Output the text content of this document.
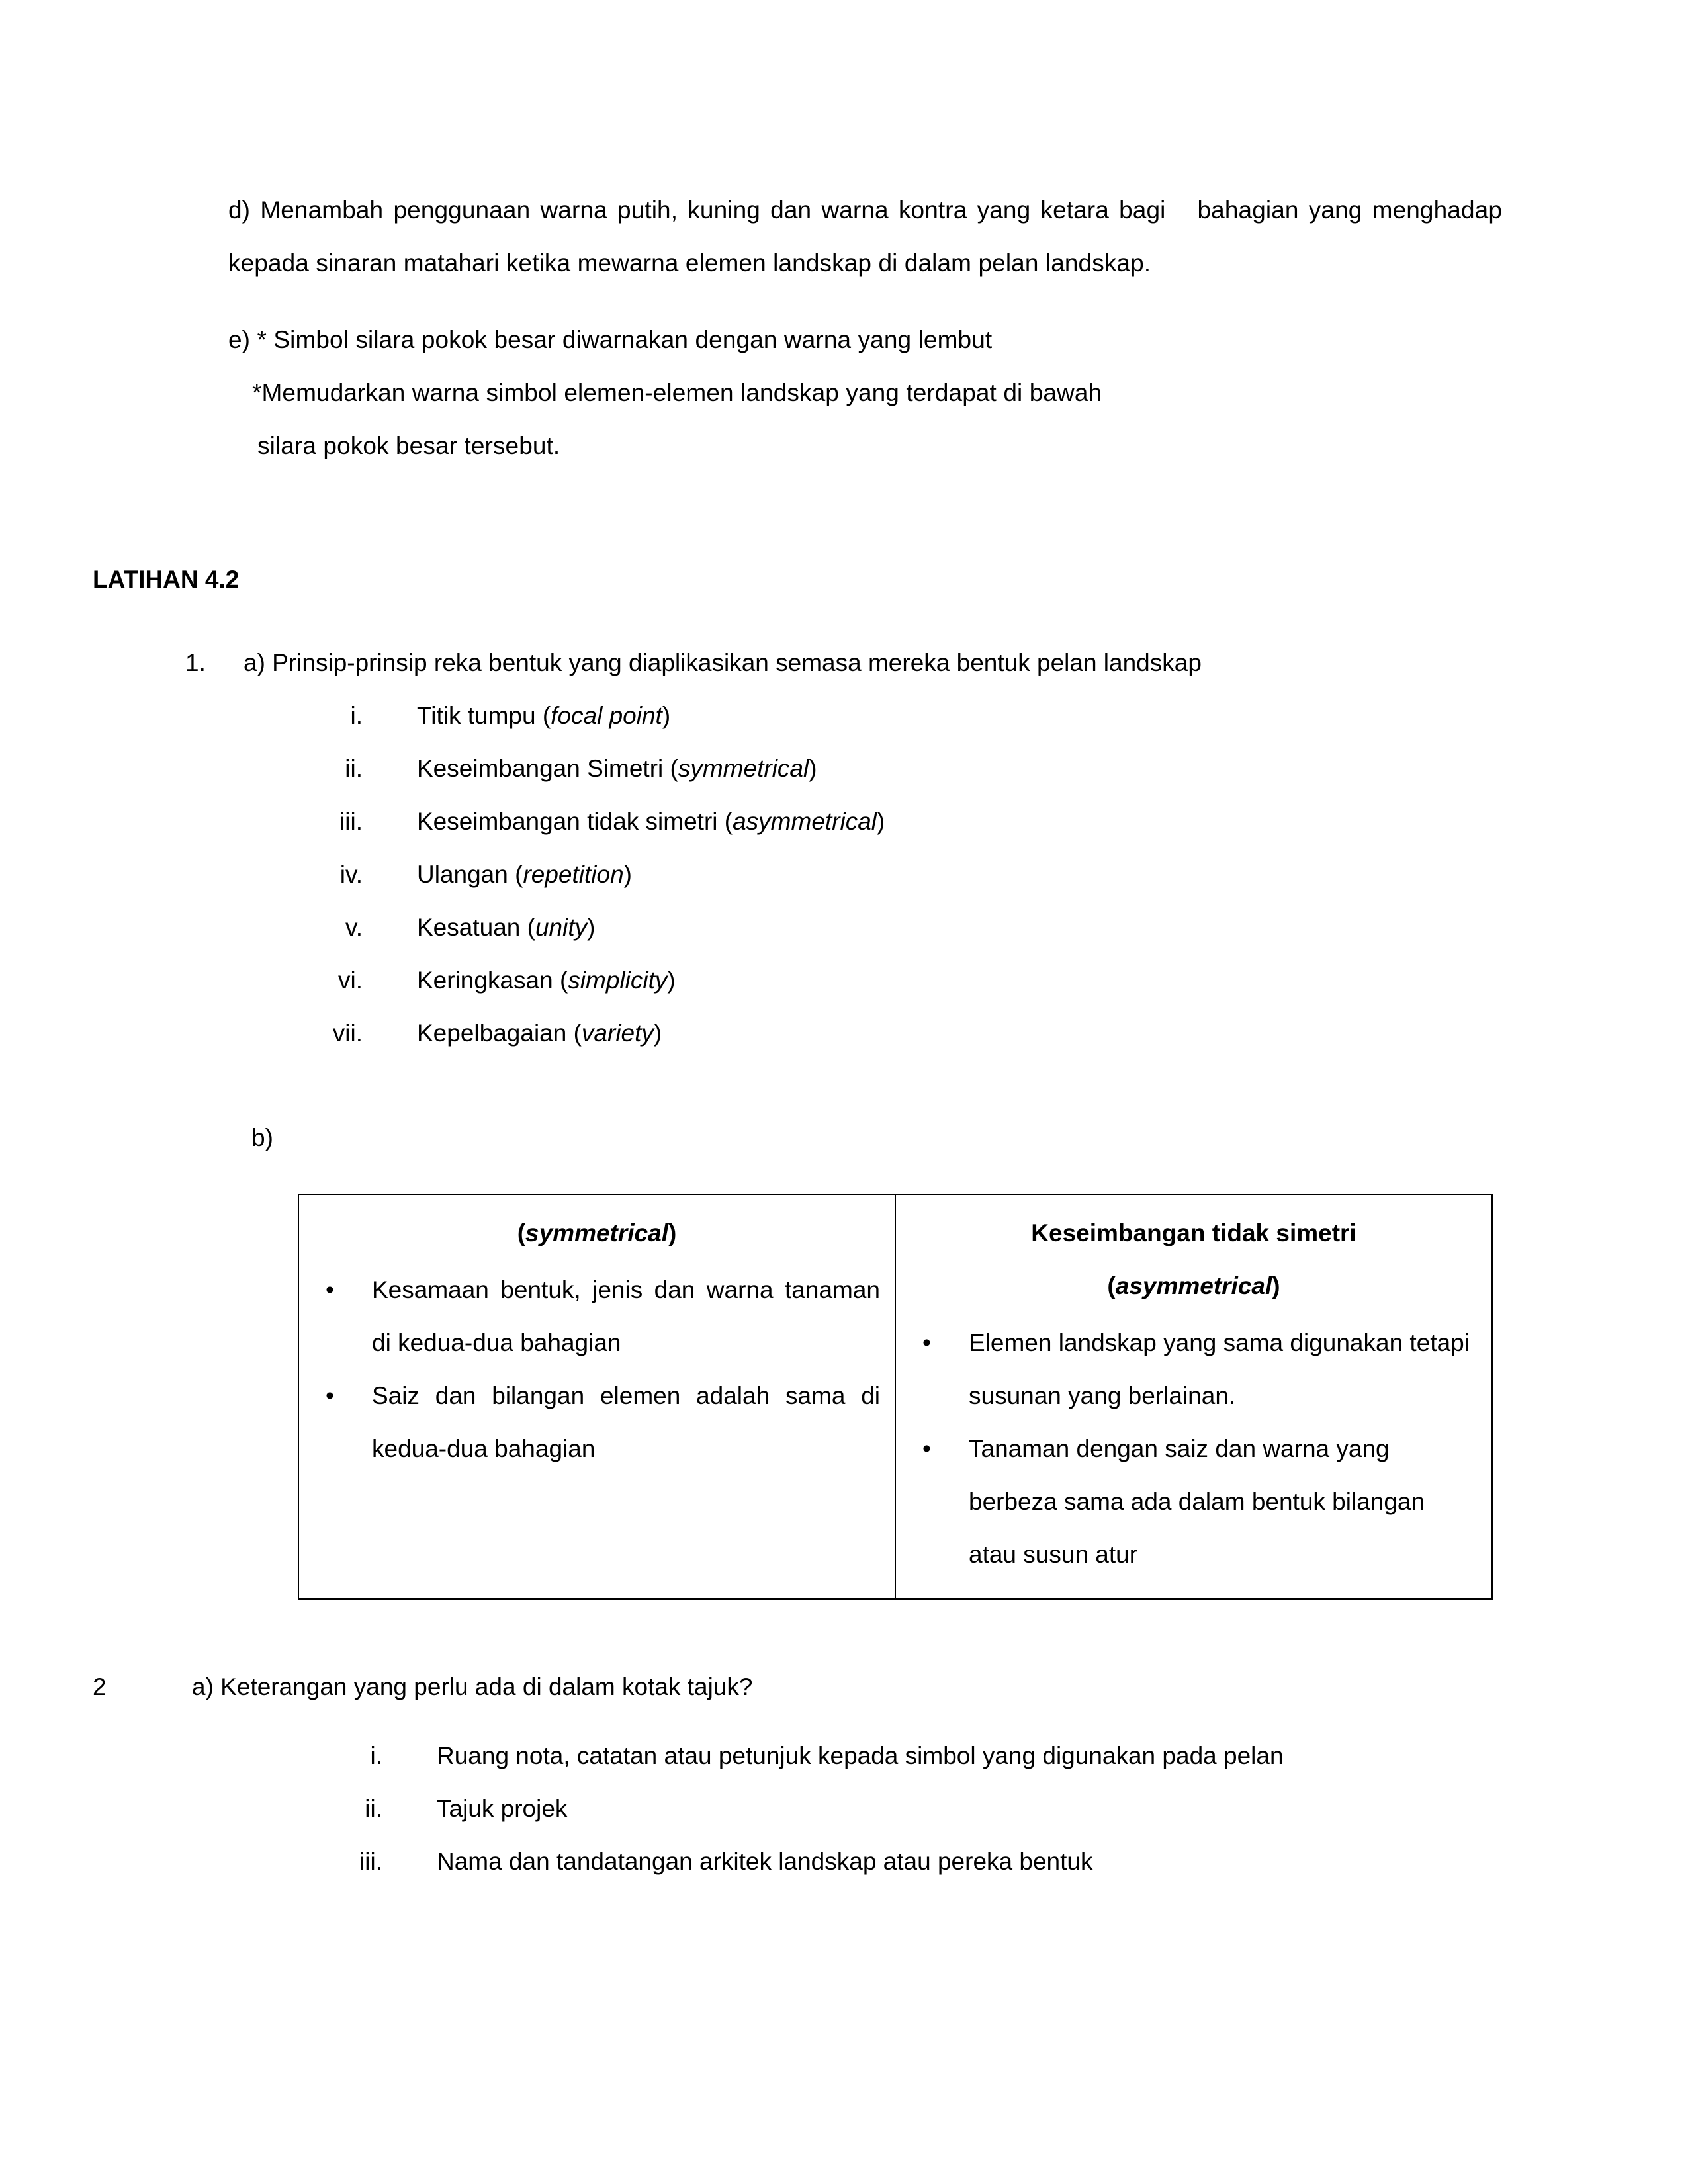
d) Menambah penggunaan warna putih, kuning dan warna kontra yang ketara bagi bahagian yang menghadap kepada sinaran matahari ketika mewarna elemen landskap di dalam pelan landskap.

e) * Simbol silara pokok besar diwarnakan dengan warna yang lembut
*Memudarkan warna simbol elemen-elemen landskap yang terdapat di bawah
silara pokok besar tersebut.
LATIHAN 4.2
1.	a) Prinsip-prinsip reka bentuk yang diaplikasikan semasa mereka bentuk pelan landskap
i. Titik tumpu (focal point)
ii. Keseimbangan Simetri (symmetrical)
iii. Keseimbangan tidak simetri (asymmetrical)
iv. Ulangan (repetition)
v. Kesatuan (unity)
vi. Keringkasan (simplicity)
vii. Kepelbagaian (variety)
b)
(symmetrical)
• Kesamaan bentuk, jenis dan warna tanaman di kedua-dua bahagian
• Saiz dan bilangan elemen adalah sama di kedua-dua bahagian

Keseimbangan tidak simetri
(asymmetrical)
• Elemen landskap yang sama digunakan tetapi susunan yang berlainan.
• Tanaman dengan saiz dan warna yang berbeza sama ada dalam bentuk bilangan atau susun atur
2	a) Keterangan yang perlu ada di dalam kotak tajuk?
i. Ruang nota, catatan atau petunjuk kepada simbol yang digunakan pada pelan
ii. Tajuk projek
iii. Nama dan tandatangan arkitek landskap atau pereka bentuk
